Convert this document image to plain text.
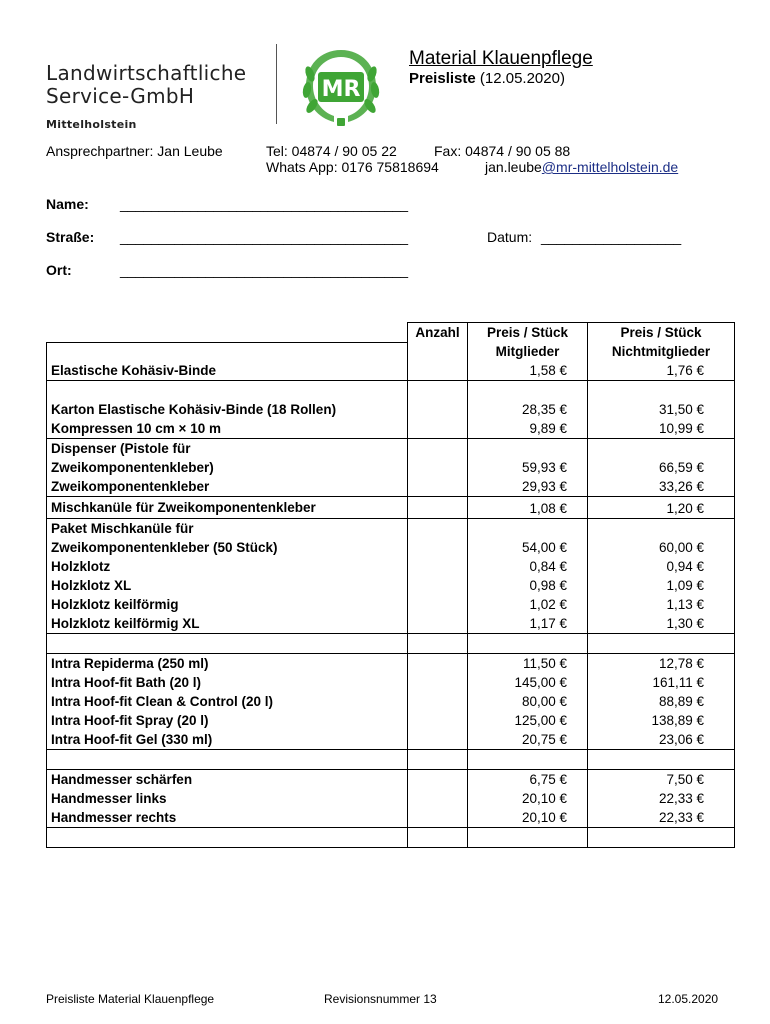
Landwirtschaftliche
Service-GmbH
Mittelholstein
MR
Material Klauenpflege
Preisliste (12.05.2020)
Ansprechpartner: Jan Leube	Tel: 04874 / 90 05 22	Fax: 04874 / 90 05 88
Whats App: 0176 75818694	jan.leube@mr-mittelholstein.de
Name: _____________________________________
Straße: _____________________________________	Datum: __________________
Ort:	_____________________________________
	Anzahl	Preis / Stück	Preis / Stück
		Mitglieder	Nichtmitglieder
Elastische Kohäsiv-Binde		1,58 €	1,76 €

Karton Elastische Kohäsiv-Binde (18 Rollen)		28,35 €	31,50 €
Kompressen 10 cm × 10 m		9,89 €	10,99 €

Dispenser (Pistole für
Zweikomponentenkleber)		59,93 €	66,59 €
Zweikomponentenkleber		29,93 €	33,26 €
Mischkanüle für Zweikomponentenkleber		1,08 €	1,20 €

Paket Mischkanüle für
Zweikomponentenkleber (50 Stück)		54,00 €	60,00 €
Holzklotz		0,84 €	0,94 €
Holzklotz XL		0,98 €	1,09 €
Holzklotz keilförmig		1,02 €	1,13 €
Holzklotz keilförmig XL		1,17 €	1,30 €

Intra Repiderma (250 ml)		11,50 €	12,78 €
Intra Hoof-fit Bath (20 l)		145,00 €	161,11 €
Intra Hoof-fit Clean & Control (20 l)		80,00 €	88,89 €
Intra Hoof-fit Spray (20 l)		125,00 €	138,89 €
Intra Hoof-fit Gel (330 ml)		20,75 €	23,06 €

Handmesser schärfen		6,75 €	7,50 €
Handmesser links		20,10 €	22,33 €
Handmesser rechts		20,10 €	22,33 €

Preisliste Material Klauenpflege	Revisionsnummer 13	12.05.2020
